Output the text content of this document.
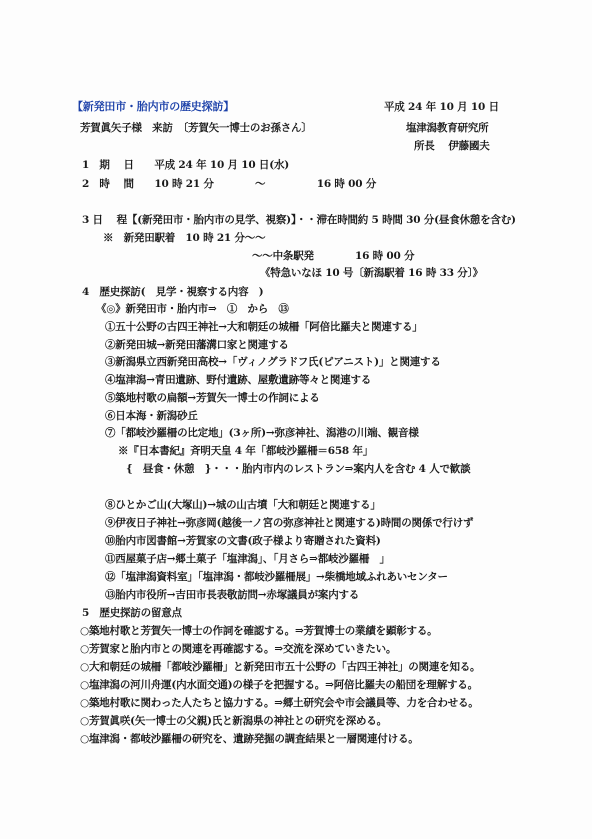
【新発田市・胎内市の歴史探訪】	平成 24 年 10 月 10 日
芳賀眞矢子様　来訪　〔芳賀矢一博士のお孫さん〕	塩津潟教育研究所
所長　 伊藤國夫
1　期　 日　　平成 24 年 10 月 10 日(水)
2　時　 間　　10 時 21 分　　　　〜　　　　　16 時 00 分
3 日　 程【(新発田市・胎内市の見学、視察)】・・滞在時間約 5 時間 30 分(昼食休憩を含む)
※　新発田駅着　10 時 21 分〜〜
〜〜中条駅発　　　　16 時 00 分
《特急いなほ 10 号〔新潟駅着 16 時 33 分〕》
4　歴史探訪(　見学・視察する内容　)
《◎》新発田市・胎内市⇒　①　から　⑬
①五十公野の古四王神社→大和朝廷の城柵「阿倍比羅夫と関連する」
②新発田城→新発田藩溝口家と関連する
③新潟県立西新発田高校→「ヴィノグラドフ氏(ピアニスト)」と関連する
④塩津潟→青田遺跡、野付遺跡、屋敷遺跡等々と関連する
⑤築地村歌の扁額→芳賀矢一博士の作詞による
⑥日本海・新潟砂丘
⑦「都岐沙羅柵の比定地」(3ヶ所)→弥彦神社、潟港の川端、観音様
※『日本書紀』斉明天皇 4 年「都岐沙羅柵＝658 年」
{　昼食・休憩　}・・・胎内市内のレストラン⇒案内人を含む 4 人で歓談
⑧ひとかご山(大塚山)→城の山古墳「大和朝廷と関連する」
⑨伊夜日子神社→弥彦岡(越後一ノ宮の弥彦神社と関連する)時間の関係で行けず
⑩胎内市図書館→芳賀家の文書(政子様より寄贈された資料)
⑪西屋菓子店→郷土菓子「塩津潟」、「月さら⇒都岐沙羅柵　」
⑫「塩津潟資料室」「塩津潟・都岐沙羅柵展」→柴橋地域ふれあいセンター
⑬胎内市役所→吉田市長表敬訪問→赤塚議員が案内する
5　歴史探訪の留意点
○築地村歌と芳賀矢一博士の作詞を確認する。⇒芳賀博士の業績を顕彰する。
○芳賀家と胎内市との関連を再確認する。⇒交流を深めていきたい。
○大和朝廷の城柵「都岐沙羅柵」と新発田市五十公野の「古四王神社」の関連を知る。
○塩津潟の河川舟運(内水面交通)の様子を把握する。⇒阿倍比羅夫の船団を理解する。
○築地村歌に関わった人たちと協力する。⇒郷土研究会や市会議員等、力を合わせる。
○芳賀眞咲(矢一博士の父親)氏と新潟県の神社との研究を深める。
○塩津潟・都岐沙羅柵の研究を、遺跡発掘の調査結果と一層関連付ける。
